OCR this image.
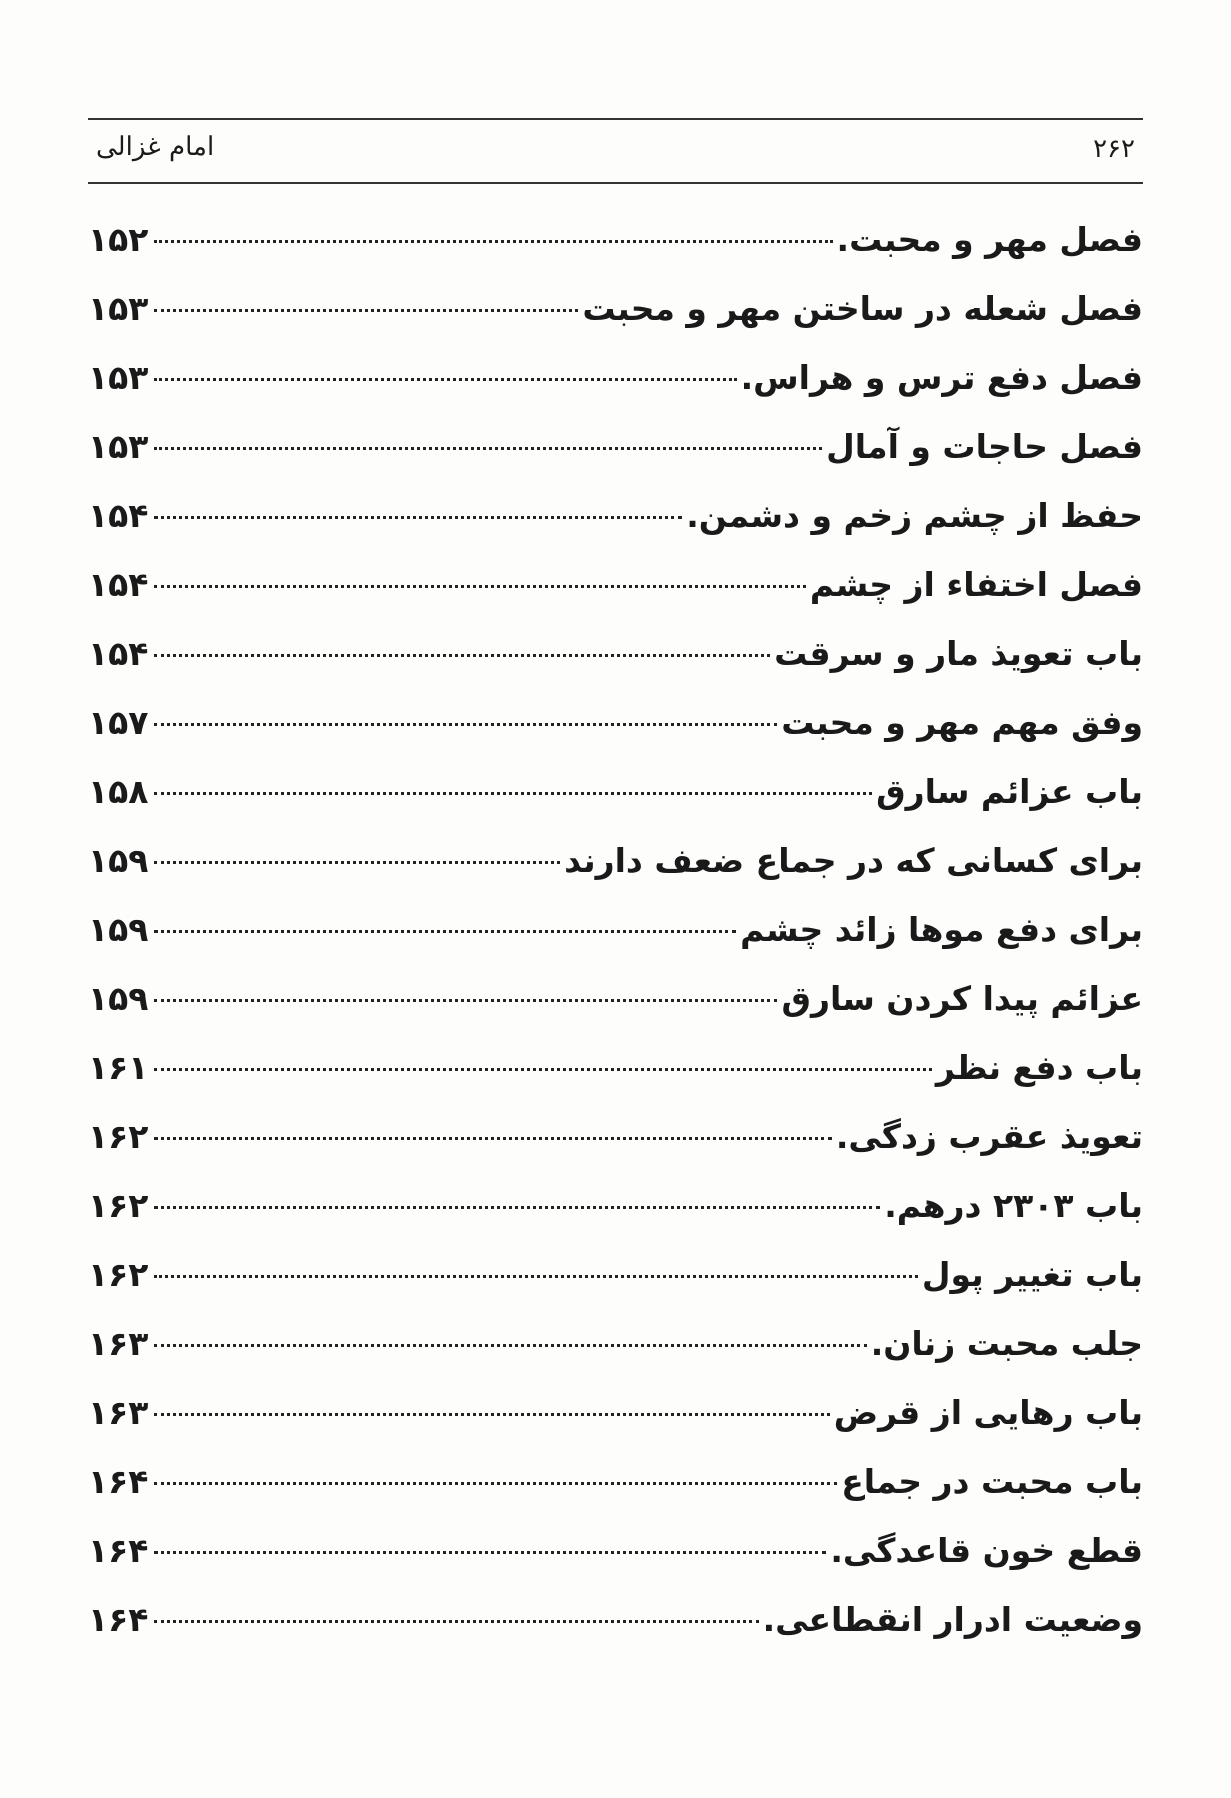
۲۶۲
امام غزالی
فصل مهر و محبت.
۱۵۲
فصل شعله در ساختن مهر و محبت
۱۵۳
فصل دفع ترس و هراس.
۱۵۳
فصل حاجات و آمال
۱۵۳
حفظ از چشم زخم و دشمن.
۱۵۴
فصل اختفاء از چشم
۱۵۴
باب تعویذ مار و سرقت
۱۵۴
وفق مهم مهر و محبت
۱۵۷
باب عزائم سارق
۱۵۸
برای کسانی که در جماع ضعف دارند
۱۵۹
برای دفع موها زائد چشم
۱۵۹
عزائم پیدا کردن سارق
۱۵۹
باب دفع نظر
۱۶۱
تعویذ عقرب زدگی.
۱۶۲
باب ۲۳۰۳ درهم.
۱۶۲
باب تغییر پول
۱۶۲
جلب محبت زنان.
۱۶۳
باب رهایی از قرض
۱۶۳
باب محبت در جماع
۱۶۴
قطع خون قاعدگی.
۱۶۴
وضعیت ادرار انقطاعی.
۱۶۴
